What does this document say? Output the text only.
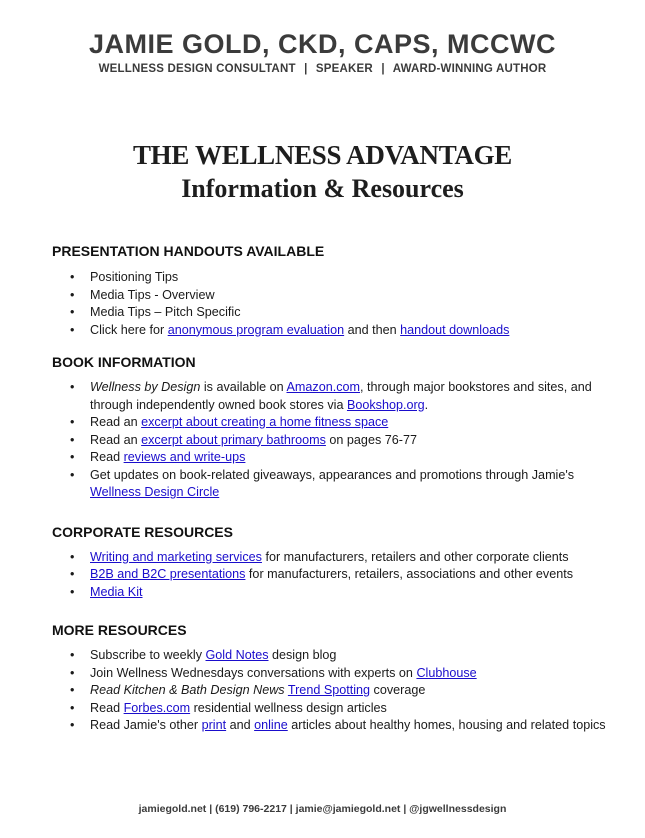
JAMIE GOLD, CKD, CAPS, MCCWC
WELLNESS DESIGN CONSULTANT | SPEAKER | AWARD-WINNING AUTHOR
THE WELLNESS ADVANTAGE
Information & Resources
PRESENTATION HANDOUTS AVAILABLE
• Positioning Tips
• Media Tips - Overview
• Media Tips – Pitch Specific
• Click here for anonymous program evaluation and then handout downloads
BOOK INFORMATION
• Wellness by Design is available on Amazon.com, through major bookstores and sites, and through independently owned book stores via Bookshop.org.
• Read an excerpt about creating a home fitness space
• Read an excerpt about primary bathrooms on pages 76-77
• Read reviews and write-ups
• Get updates on book-related giveaways, appearances and promotions through Jamie's Wellness Design Circle
CORPORATE RESOURCES
• Writing and marketing services for manufacturers, retailers and other corporate clients
• B2B and B2C presentations for manufacturers, retailers, associations and other events
• Media Kit
MORE RESOURCES
• Subscribe to weekly Gold Notes design blog
• Join Wellness Wednesdays conversations with experts on Clubhouse
• Read Kitchen & Bath Design News Trend Spotting coverage
• Read Forbes.com residential wellness design articles
• Read Jamie's other print and online articles about healthy homes, housing and related topics
jamiegold.net | (619) 796-2217 | jamie@jamiegold.net | @jgwellnessdesign
